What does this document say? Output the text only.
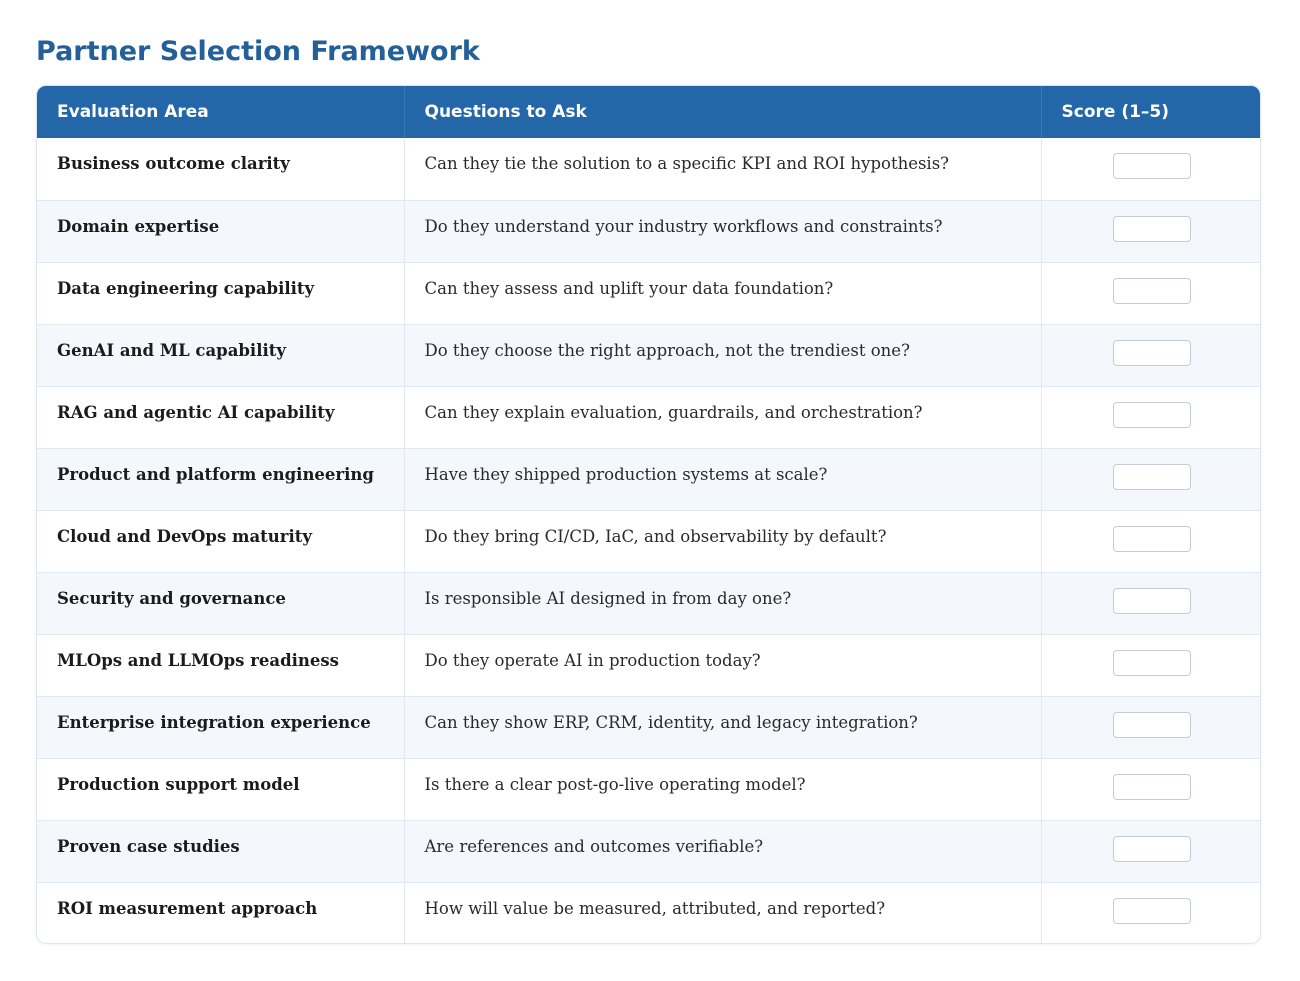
Partner Selection Framework
Evaluation Area	Questions to Ask	Score (1–5)
Business outcome clarity	Can they tie the solution to a specific KPI and ROI hypothesis?	
Domain expertise	Do they understand your industry workflows and constraints?	
Data engineering capability	Can they assess and uplift your data foundation?	
GenAI and ML capability	Do they choose the right approach, not the trendiest one?	
RAG and agentic AI capability	Can they explain evaluation, guardrails, and orchestration?	
Product and platform engineering	Have they shipped production systems at scale?	
Cloud and DevOps maturity	Do they bring CI/CD, IaC, and observability by default?	
Security and governance	Is responsible AI designed in from day one?	
MLOps and LLMOps readiness	Do they operate AI in production today?	
Enterprise integration experience	Can they show ERP, CRM, identity, and legacy integration?	
Production support model	Is there a clear post-go-live operating model?	
Proven case studies	Are references and outcomes verifiable?	
ROI measurement approach	How will value be measured, attributed, and reported?	
